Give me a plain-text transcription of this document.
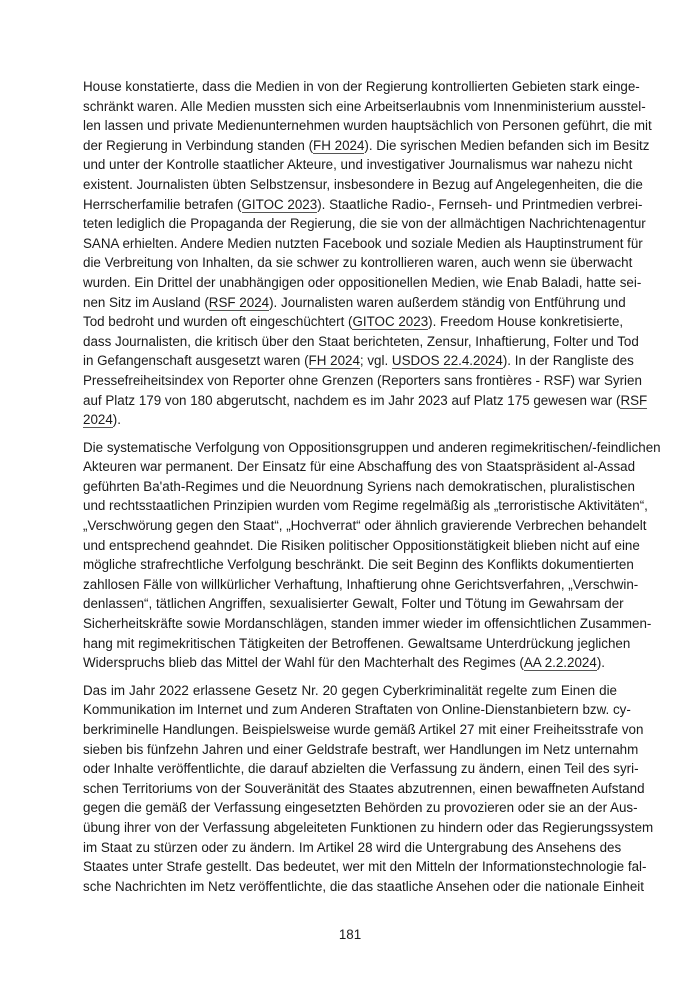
House konstatierte, dass die Medien in von der Regierung kontrollierten Gebieten stark einge-
schränkt waren. Alle Medien mussten sich eine Arbeitserlaubnis vom Innenministerium ausstel-
len lassen und private Medienunternehmen wurden hauptsächlich von Personen geführt, die mit
der Regierung in Verbindung standen (FH 2024). Die syrischen Medien befanden sich im Besitz
und unter der Kontrolle staatlicher Akteure, und investigativer Journalismus war nahezu nicht
existent. Journalisten übten Selbstzensur, insbesondere in Bezug auf Angelegenheiten, die die
Herrscherfamilie betrafen (GITOC 2023). Staatliche Radio-, Fernseh- und Printmedien verbrei-
teten lediglich die Propaganda der Regierung, die sie von der allmächtigen Nachrichtenagentur
SANA erhielten. Andere Medien nutzten Facebook und soziale Medien als Hauptinstrument für
die Verbreitung von Inhalten, da sie schwer zu kontrollieren waren, auch wenn sie überwacht
wurden. Ein Drittel der unabhängigen oder oppositionellen Medien, wie Enab Baladi, hatte sei-
nen Sitz im Ausland (RSF 2024). Journalisten waren außerdem ständig von Entführung und
Tod bedroht und wurden oft eingeschüchtert (GITOC 2023). Freedom House konkretisierte,
dass Journalisten, die kritisch über den Staat berichteten, Zensur, Inhaftierung, Folter und Tod
in Gefangenschaft ausgesetzt waren (FH 2024; vgl. USDOS 22.4.2024). In der Rangliste des
Pressefreiheitsindex von Reporter ohne Grenzen (Reporters sans frontières - RSF) war Syrien
auf Platz 179 von 180 abgerutscht, nachdem es im Jahr 2023 auf Platz 175 gewesen war (RSF
2024).
Die systematische Verfolgung von Oppositionsgruppen und anderen regimekritischen/-feindlichen
Akteuren war permanent. Der Einsatz für eine Abschaffung des von Staatspräsident al-Assad
geführten Ba'ath-Regimes und die Neuordnung Syriens nach demokratischen, pluralistischen
und rechtsstaatlichen Prinzipien wurden vom Regime regelmäßig als „terroristische Aktivitäten“,
„Verschwörung gegen den Staat“, „Hochverrat“ oder ähnlich gravierende Verbrechen behandelt
und entsprechend geahndet. Die Risiken politischer Oppositionstätigkeit blieben nicht auf eine
mögliche strafrechtliche Verfolgung beschränkt. Die seit Beginn des Konflikts dokumentierten
zahllosen Fälle von willkürlicher Verhaftung, Inhaftierung ohne Gerichtsverfahren, „Verschwin-
denlassen“, tätlichen Angriffen, sexualisierter Gewalt, Folter und Tötung im Gewahrsam der
Sicherheitskräfte sowie Mordanschlägen, standen immer wieder im offensichtlichen Zusammen-
hang mit regimekritischen Tätigkeiten der Betroffenen. Gewaltsame Unterdrückung jeglichen
Widerspruchs blieb das Mittel der Wahl für den Machterhalt des Regimes (AA 2.2.2024).
Das im Jahr 2022 erlassene Gesetz Nr. 20 gegen Cyberkriminalität regelte zum Einen die
Kommunikation im Internet und zum Anderen Straftaten von Online-Dienstanbietern bzw. cy-
berkriminelle Handlungen. Beispielsweise wurde gemäß Artikel 27 mit einer Freiheitsstrafe von
sieben bis fünfzehn Jahren und einer Geldstrafe bestraft, wer Handlungen im Netz unternahm
oder Inhalte veröffentlichte, die darauf abzielten die Verfassung zu ändern, einen Teil des syri-
schen Territoriums von der Souveränität des Staates abzutrennen, einen bewaffneten Aufstand
gegen die gemäß der Verfassung eingesetzten Behörden zu provozieren oder sie an der Aus-
übung ihrer von der Verfassung abgeleiteten Funktionen zu hindern oder das Regierungssystem
im Staat zu stürzen oder zu ändern. Im Artikel 28 wird die Untergrabung des Ansehens des
Staates unter Strafe gestellt. Das bedeutet, wer mit den Mitteln der Informationstechnologie fal-
sche Nachrichten im Netz veröffentlichte, die das staatliche Ansehen oder die nationale Einheit
181
